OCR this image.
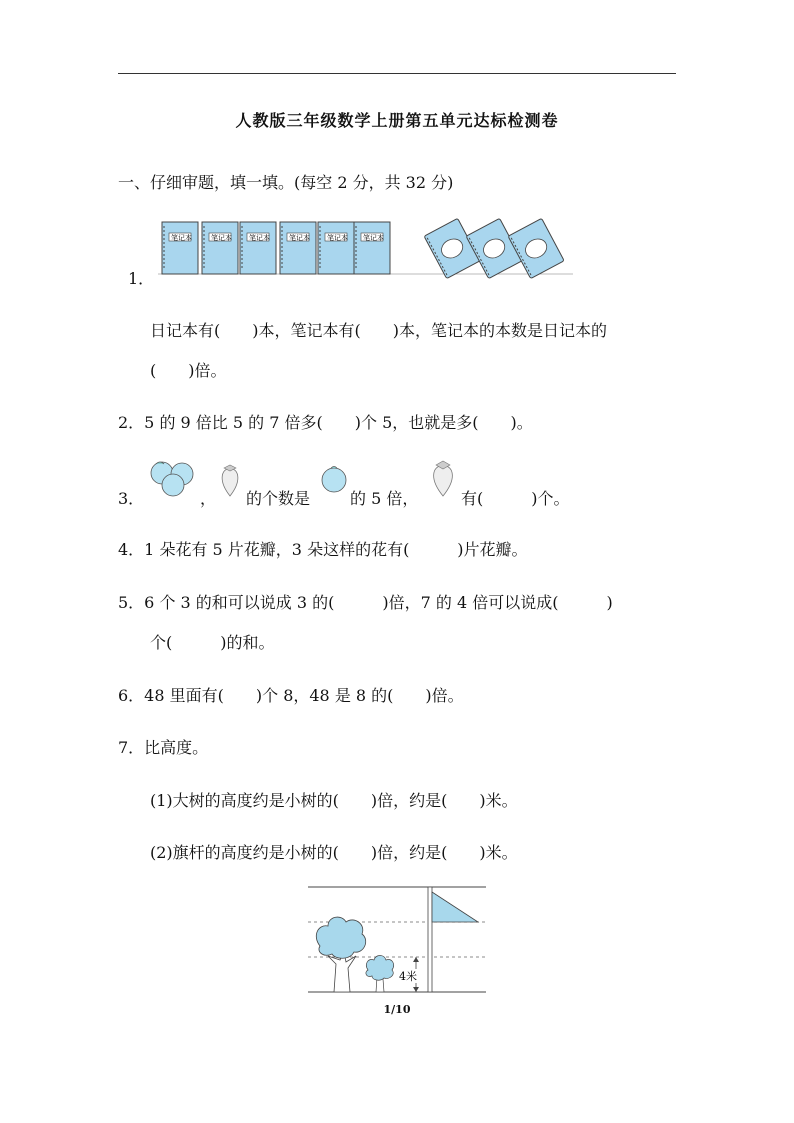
人教版三年级数学上册第五单元达标检测卷
一、仔细审题，填一填。(每空 2 分，共 32 分)
1．
笔记本	笔记本 笔记本	笔记本 笔记本 笔记本
日记本有(　　)本，笔记本有(　　)本，笔记本的本数是日记本的
(　　)倍。
2．5 的 9 倍比 5 的 7 倍多(　　)个 5，也就是多(　　)。
3．	， 的个数是 的 5 倍，	有(　　　)个。
4．1 朵花有 5 片花瓣，3 朵这样的花有(　　　)片花瓣。
5．6 个 3 的和可以说成 3 的(　　　)倍，7 的 4 倍可以说成(　　　)
个(　　　)的和。
6．48 里面有(　　)个 8，48 是 8 的(　　)倍。
7．比高度。
(1)大树的高度约是小树的(　　)倍，约是(　　)米。
(2)旗杆的高度约是小树的(　　)倍，约是(　　)米。
4米
1/10
